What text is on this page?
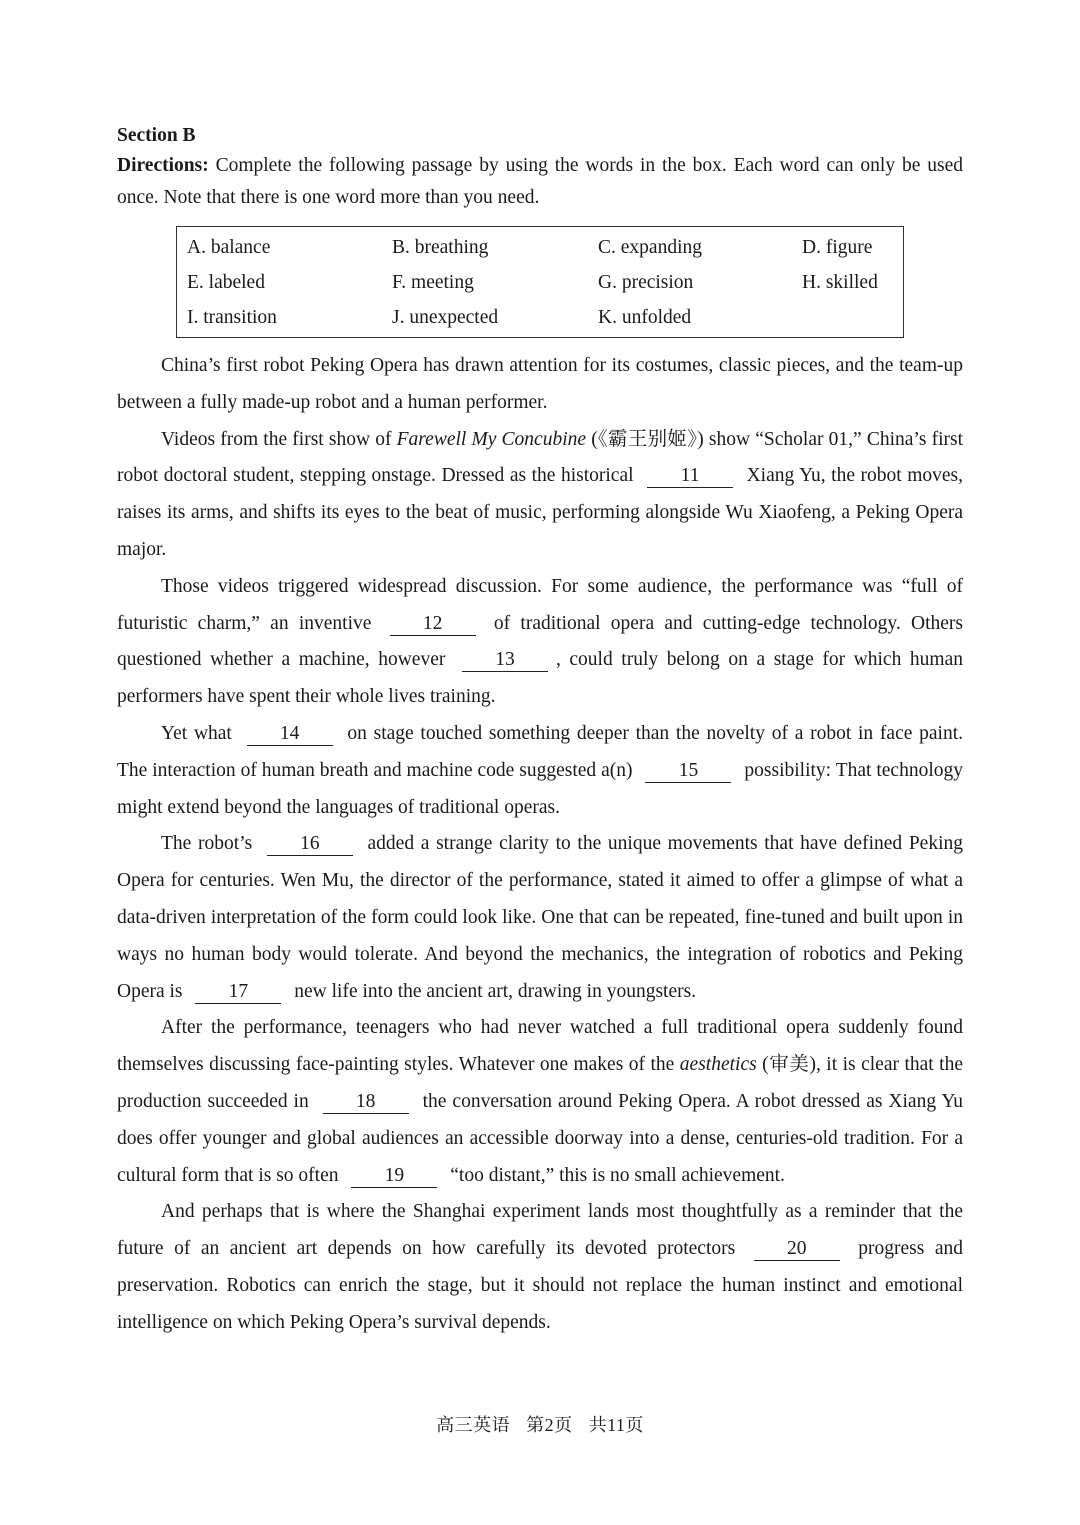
Section B

Directions: Complete the following passage by using the words in the box. Each word can only be used once. Note that there is one word more than you need.

A. balance	B. breathing	C. expanding	D. figure
E. labeled	F. meeting	G. precision	H. skilled
I. transition	J. unexpected	K. unfolded

China’s first robot Peking Opera has drawn attention for its costumes, classic pieces, and the team-up between a fully made-up robot and a human performer.

Videos from the first show of Farewell My Concubine (《霸王别姬》) show “Scholar 01,” China’s first robot doctoral student, stepping onstage. Dressed as the historical 11 Xiang Yu, the robot moves, raises its arms, and shifts its eyes to the beat of music, performing alongside Wu Xiaofeng, a Peking Opera major.

Those videos triggered widespread discussion. For some audience, the performance was “full of futuristic charm,” an inventive 12 of traditional opera and cutting-edge technology. Others questioned whether a machine, however 13 , could truly belong on a stage for which human performers have spent their whole lives training.

Yet what 14 on stage touched something deeper than the novelty of a robot in face paint. The interaction of human breath and machine code suggested a(n) 15 possibility: That technology might extend beyond the languages of traditional operas.

The robot’s 16 added a strange clarity to the unique movements that have defined Peking Opera for centuries. Wen Mu, the director of the performance, stated it aimed to offer a glimpse of what a data-driven interpretation of the form could look like. One that can be repeated, fine-tuned and built upon in ways no human body would tolerate. And beyond the mechanics, the integration of robotics and Peking Opera is 17 new life into the ancient art, drawing in youngsters.

After the performance, teenagers who had never watched a full traditional opera suddenly found themselves discussing face-painting styles. Whatever one makes of the aesthetics (审美), it is clear that the production succeeded in 18 the conversation around Peking Opera. A robot dressed as Xiang Yu does offer younger and global audiences an accessible doorway into a dense, centuries-old tradition. For a cultural form that is so often 19 “too distant,” this is no small achievement.

And perhaps that is where the Shanghai experiment lands most thoughtfully as a reminder that the future of an ancient art depends on how carefully its devoted protectors 20 progress and preservation. Robotics can enrich the stage, but it should not replace the human instinct and emotional intelligence on which Peking Opera’s survival depends.

高三英语 第2页 共11页
